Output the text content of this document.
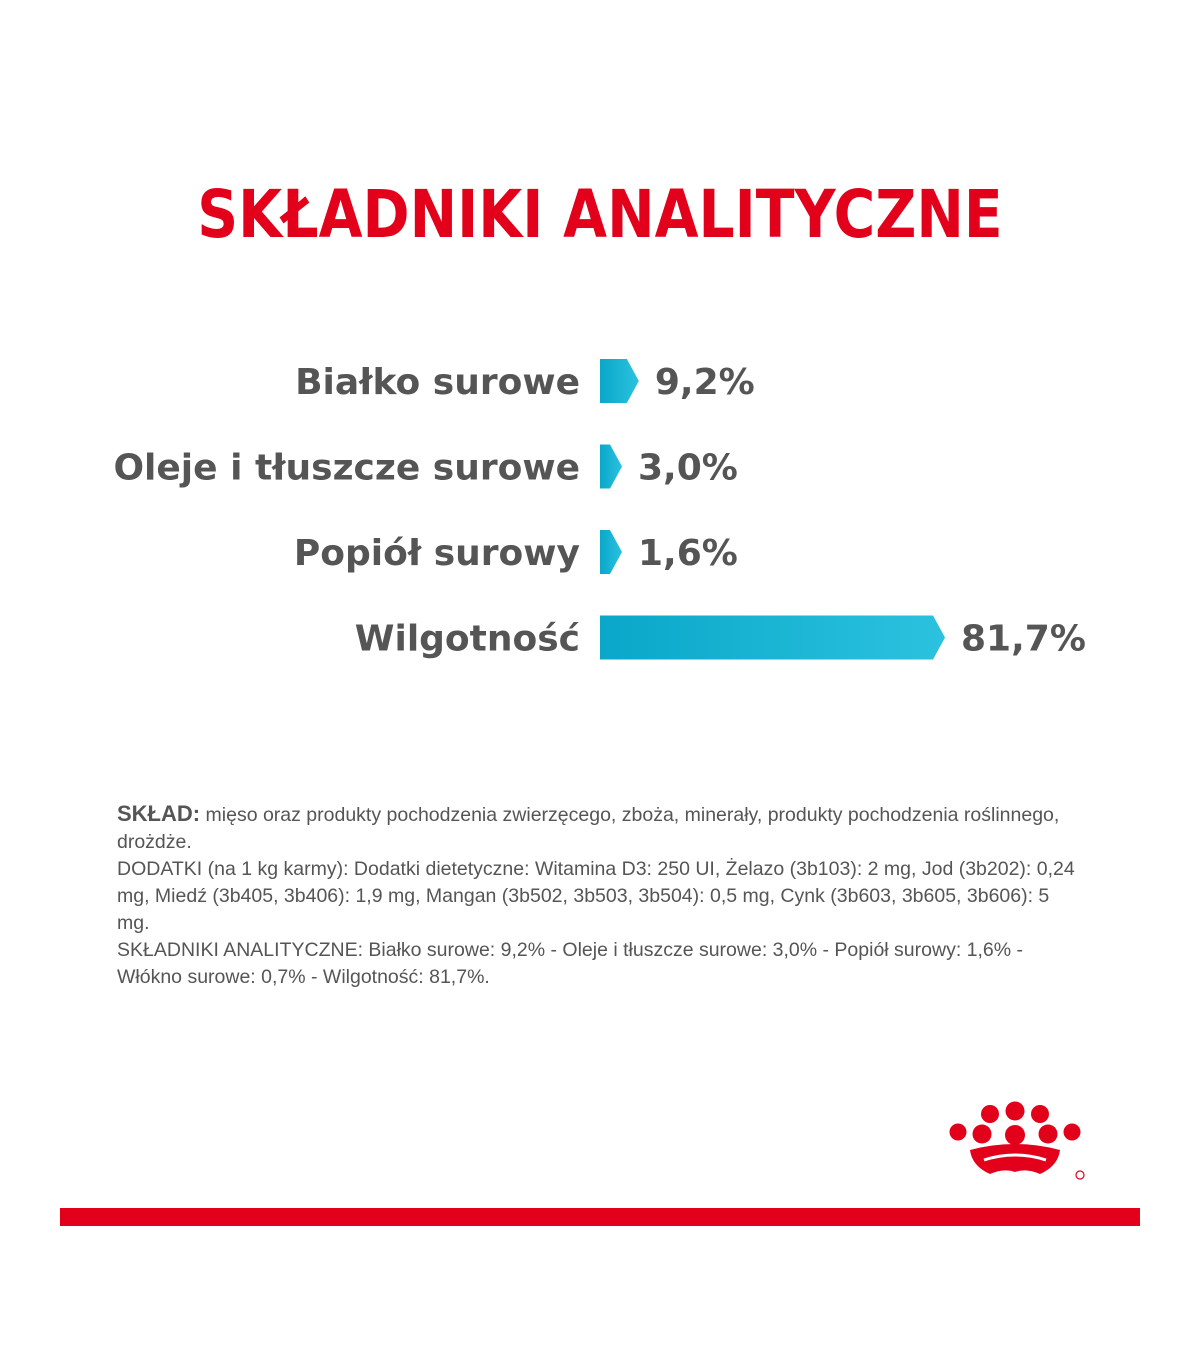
SKŁADNIKI ANALITYCZNE
Białko surowe 9,2%
Oleje i tłuszcze surowe 3,0%
Popiół surowy 1,6%
Wilgotność	81,7%

SKŁAD: mięso oraz produkty pochodzenia zwierzęcego, zboża, minerały, produkty pochodzenia roślinnego, drożdże.

DODATKI (na 1 kg karmy): Dodatki dietetyczne: Witamina D3: 250 UI, Żelazo (3b103): 2 mg, Jod (3b202): 0,24 mg, Miedź (3b405, 3b406): 1,9 mg, Mangan (3b502, 3b503, 3b504): 0,5 mg, Cynk (3b603, 3b605, 3b606): 5 mg.

SKŁADNIKI ANALITYCZNE: Białko surowe: 9,2% - Oleje i tłuszcze surowe: 3,0% - Popiół surowy: 1,6% - Włókno surowe: 0,7% - Wilgotność: 81,7%.
